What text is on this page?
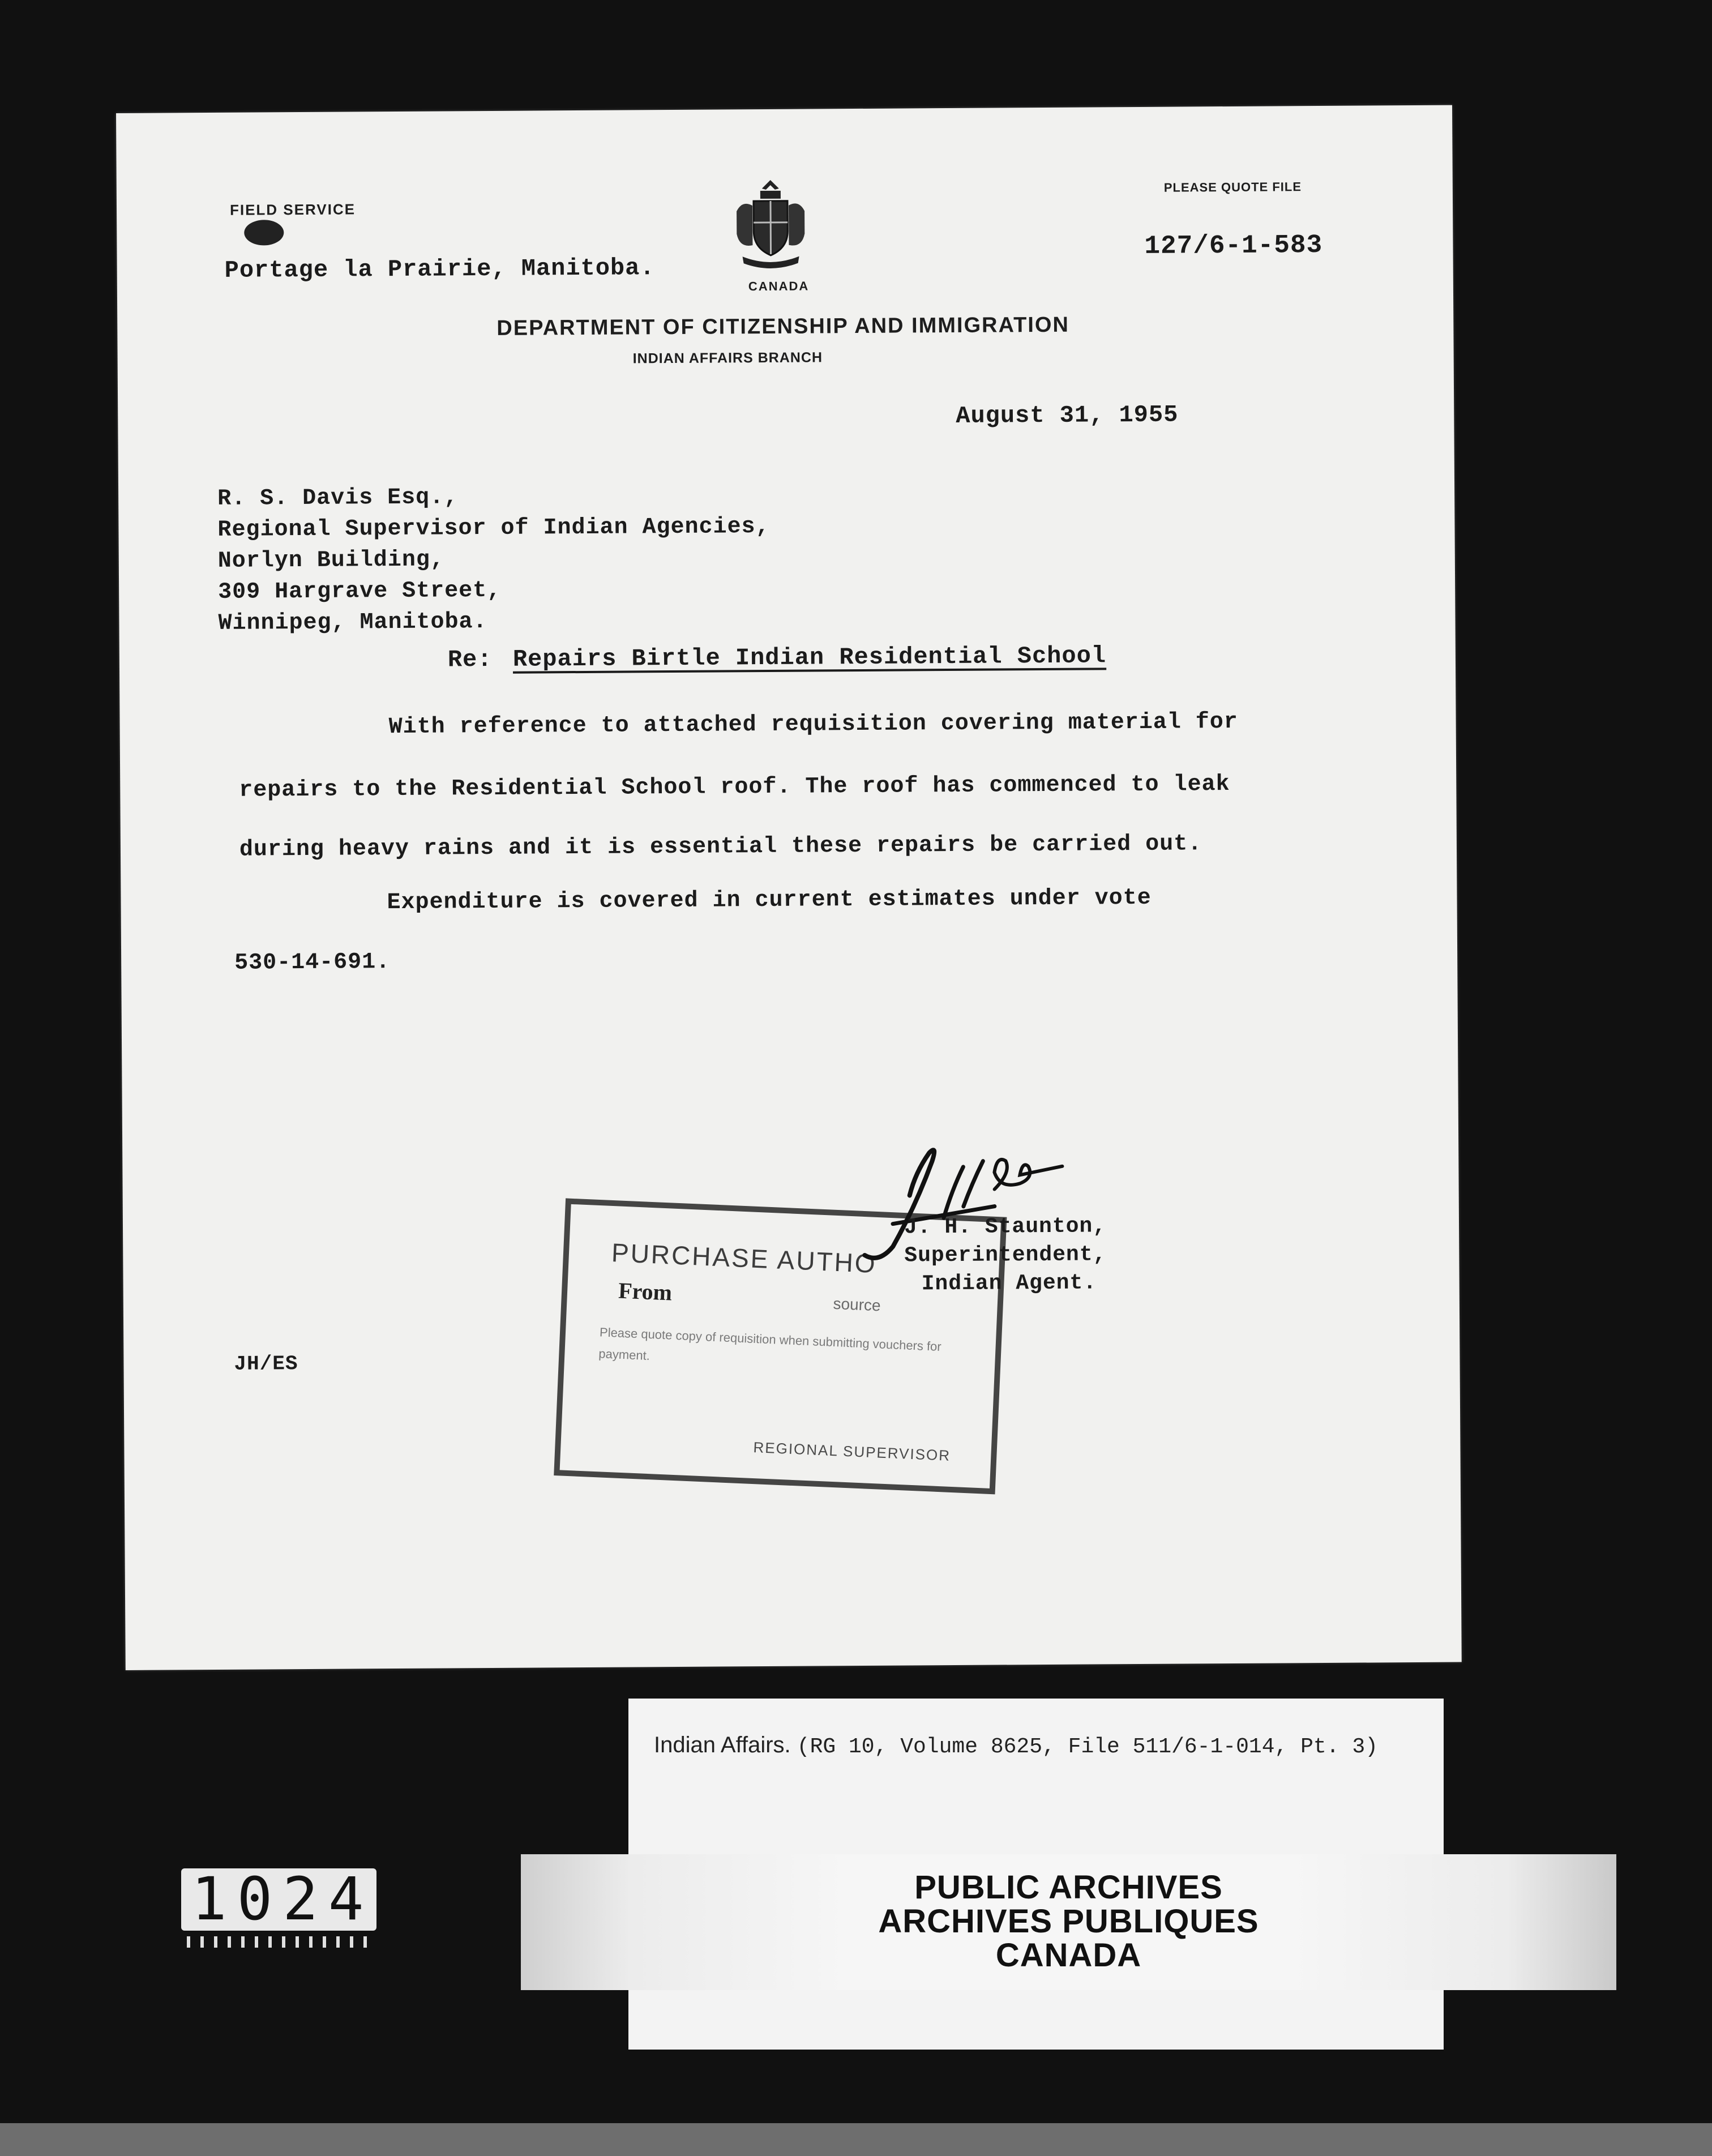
FIELD SERVICE
Portage la Prairie, Manitoba.
CANADA
PLEASE QUOTE FILE
127/6-1-583
DEPARTMENT OF CITIZENSHIP AND IMMIGRATION
INDIAN AFFAIRS BRANCH
August 31, 1955
R. S. Davis Esq.,
Regional Supervisor of Indian Agencies,
Norlyn Building,
309 Hargrave Street,
Winnipeg, Manitoba.
Re: Repairs Birtle Indian Residential School
With reference to attached requisition covering material for
repairs to the Residential School roof. The roof has commenced to leak
during heavy rains and it is essential these repairs be carried out.
Expenditure is covered in current estimates under vote
530-14-691.
PURCHASE AUTHO
From	source
Please quote copy of requisition when submitting vouchers for payment.
REGIONAL SUPERVISOR
J. H. Staunton,
Superintendent,
Indian Agent.
JH/ES
Indian Affairs. (RG 10, Volume 8625, File 511/6-1-014, Pt. 3)
PUBLIC ARCHIVES
ARCHIVES PUBLIQUES
CANADA
1024
